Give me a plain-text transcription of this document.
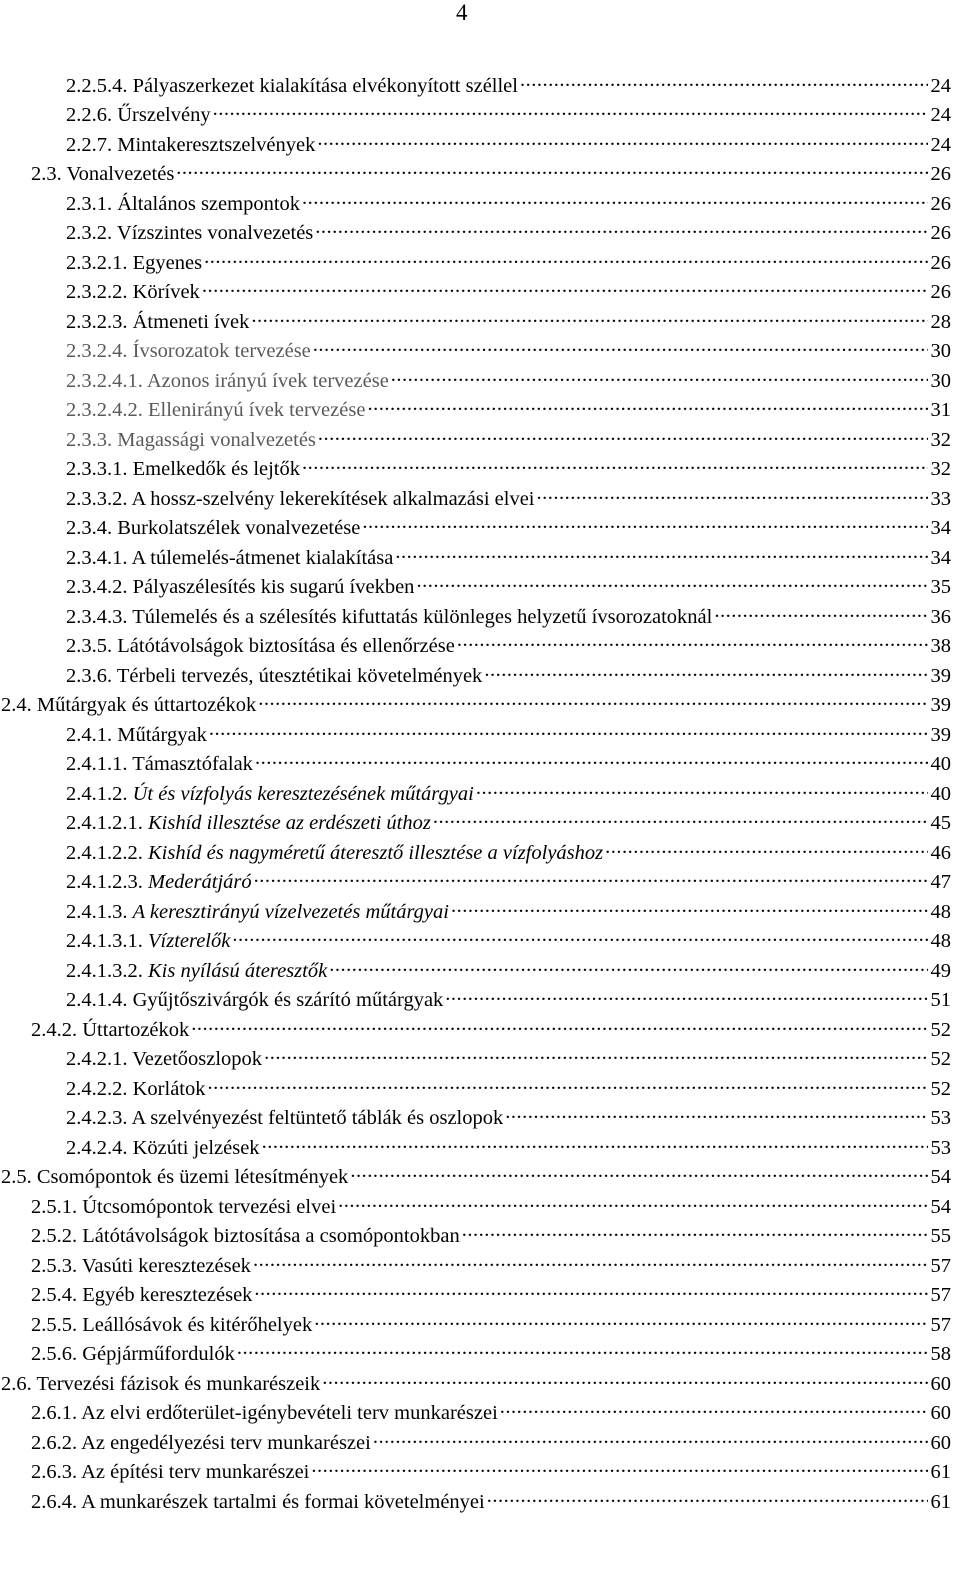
4
2.2.5.4. Pályaszerkezet kialakítása elvékonyított széllel .....	24
2.2.6. Űrszelvény .....	24
2.2.7. Mintakeresztszelvények .....	24
2.3. Vonalvezetés .....	26
2.3.1. Általános szempontok .....	26
2.3.2. Vízszintes vonalvezetés .....	26
2.3.2.1. Egyenes .....	26
2.3.2.2. Körívek .....	26
2.3.2.3. Átmeneti ívek .....	28
2.3.2.4. Ívsorozatok tervezése .....	30
2.3.2.4.1. Azonos irányú ívek tervezése .....	30
2.3.2.4.2. Ellenirányú ívek tervezése .....	31
2.3.3. Magassági vonalvezetés .....	32
2.3.3.1. Emelkedők és lejtők .....	32
2.3.3.2. A hossz-szelvény lekerekítések alkalmazási elvei .....	33
2.3.4. Burkolatszélek vonalvezetése .....	34
2.3.4.1. A túlemelés-átmenet kialakítása .....	34
2.3.4.2. Pályaszélesítés kis sugarú ívekben .....	35
2.3.4.3. Túlemelés és a szélesítés kifuttatás különleges helyzetű ívsorozatoknál .....	36
2.3.5. Látótávolságok biztosítása és ellenőrzése .....	38
2.3.6. Térbeli tervezés, útesztétikai követelmények .....	39
2.4. Műtárgyak és úttartozékok .....	39
2.4.1. Műtárgyak .....	39
2.4.1.1. Támasztófalak .....	40
2.4.1.2. Út és vízfolyás keresztezésének műtárgyai .....	40
2.4.1.2.1. Kishíd illesztése az erdészeti úthoz .....	45
2.4.1.2.2. Kishíd és nagyméretű áteresztő illesztése a vízfolyáshoz .....	46
2.4.1.2.3. Mederátjáró .....	47
2.4.1.3. A keresztirányú vízelvezetés műtárgyai .....	48
2.4.1.3.1. Vízterelők .....	48
2.4.1.3.2. Kis nyílású áteresztők .....	49
2.4.1.4. Gyűjtőszivárgók és szárító műtárgyak .....	51
2.4.2. Úttartozékok .....	52
2.4.2.1. Vezetőoszlopok .....	52
2.4.2.2. Korlátok .....	52
2.4.2.3. A szelvényezést feltüntető táblák és oszlopok .....	53
2.4.2.4. Közúti jelzések .....	53
2.5. Csomópontok és üzemi létesítmények .....	54
2.5.1. Útcsomópontok tervezési elvei .....	54
2.5.2. Látótávolságok biztosítása a csomópontokban .....	55
2.5.3. Vasúti keresztezések .....	57
2.5.4. Egyéb keresztezések .....	57
2.5.5. Leállósávok és kitérőhelyek .....	57
2.5.6. Gépjárműfordulók .....	58
2.6. Tervezési fázisok és munkarészeik .....	60
2.6.1. Az elvi erdőterület-igénybevételi terv munkarészei .....	60
2.6.2. Az engedélyezési terv munkarészei .....	60
2.6.3. Az építési terv munkarészei .....	61
2.6.4. A munkarészek tartalmi és formai követelményei .....	61
